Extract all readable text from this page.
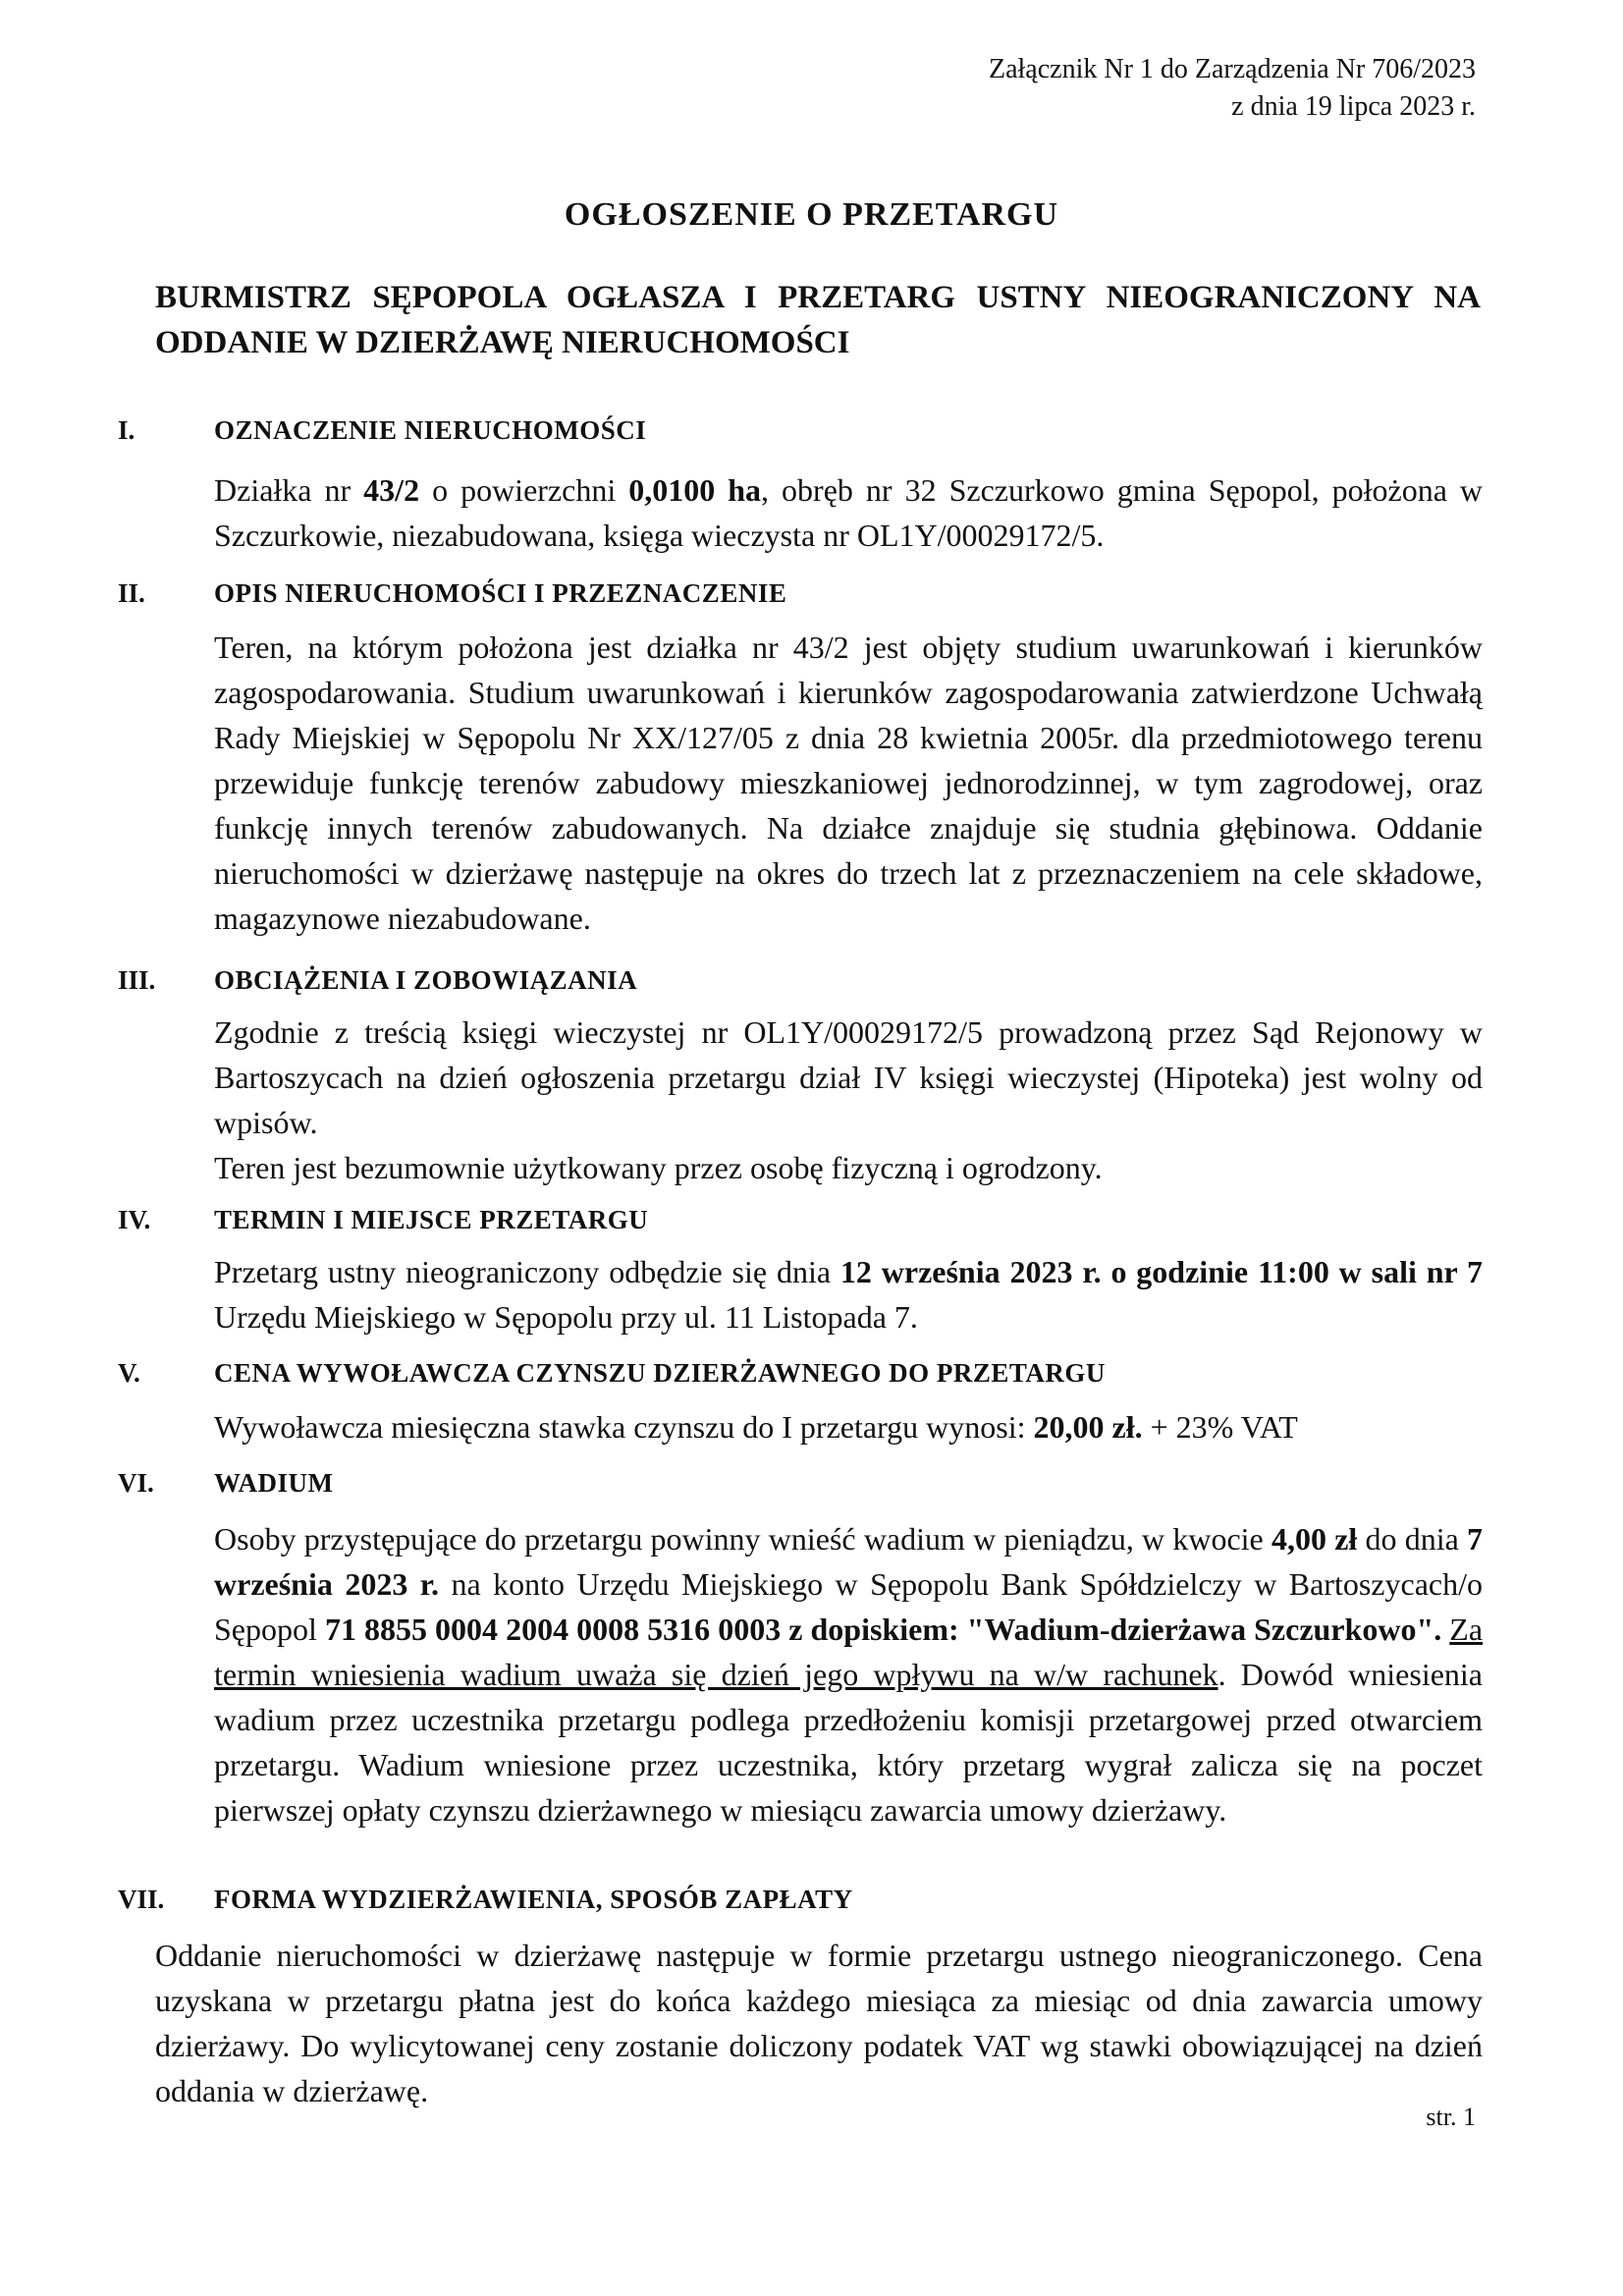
Załącznik Nr 1 do Zarządzenia Nr 706/2023
z dnia 19 lipca 2023 r.
OGŁOSZENIE O PRZETARGU
BURMISTRZ SĘPOPOLA OGŁASZA I PRZETARG USTNY NIEOGRANICZONY NA ODDANIE W DZIERŻAWĘ NIERUCHOMOŚCI
I.	OZNACZENIE NIERUCHOMOŚCI

Działka nr 43/2 o powierzchni 0,0100 ha, obręb nr 32 Szczurkowo gmina Sępopol, położona w Szczurkowie, niezabudowana, księga wieczysta nr OL1Y/00029172/5.

II.	OPIS NIERUCHOMOŚCI I PRZEZNACZENIE

Teren, na którym położona jest działka nr 43/2 jest objęty studium uwarunkowań i kierunków zagospodarowania. Studium uwarunkowań i kierunków zagospodarowania zatwierdzone Uchwałą Rady Miejskiej w Sępopolu Nr XX/127/05 z dnia 28 kwietnia 2005r. dla przedmiotowego terenu przewiduje funkcję terenów zabudowy mieszkaniowej jednorodzinnej, w tym zagrodowej, oraz funkcję innych terenów zabudowanych. Na działce znajduje się studnia głębinowa. Oddanie nieruchomości w dzierżawę następuje na okres do trzech lat z przeznaczeniem na cele składowe, magazynowe niezabudowane.

III.	OBCIĄŻENIA I ZOBOWIĄZANIA

Zgodnie z treścią księgi wieczystej nr OL1Y/00029172/5 prowadzoną przez Sąd Rejonowy w Bartoszycach na dzień ogłoszenia przetargu dział IV księgi wieczystej (Hipoteka) jest wolny od wpisów.

Teren jest bezumownie użytkowany przez osobę fizyczną i ogrodzony.

IV.	TERMIN I MIEJSCE PRZETARGU

Przetarg ustny nieograniczony odbędzie się dnia 12 września 2023 r. o godzinie 11:00 w sali nr 7 Urzędu Miejskiego w Sępopolu przy ul. 11 Listopada 7.

V.	CENA WYWOŁAWCZA CZYNSZU DZIERŻAWNEGO DO PRZETARGU

Wywoławcza miesięczna stawka czynszu do I przetargu wynosi: 20,00 zł. + 23% VAT

VI.	WADIUM

Osoby przystępujące do przetargu powinny wnieść wadium w pieniądzu, w kwocie 4,00 zł do dnia 7 września 2023 r. na konto Urzędu Miejskiego w Sępopolu Bank Spółdzielczy w Bartoszycach/o Sępopol 71 8855 0004 2004 0008 5316 0003 z dopiskiem: "Wadium-dzierżawa Szczurkowo". Za termin wniesienia wadium uważa się dzień jego wpływu na w/w rachunek. Dowód wniesienia wadium przez uczestnika przetargu podlega przedłożeniu komisji przetargowej przed otwarciem przetargu. Wadium wniesione przez uczestnika, który przetarg wygrał zalicza się na poczet pierwszej opłaty czynszu dzierżawnego w miesiącu zawarcia umowy dzierżawy.

VII.	FORMA WYDZIERŻAWIENIA, SPOSÓB ZAPŁATY

Oddanie nieruchomości w dzierżawę następuje w formie przetargu ustnego nieograniczonego. Cena uzyskana w przetargu płatna jest do końca każdego miesiąca za miesiąc od dnia zawarcia umowy dzierżawy. Do wylicytowanej ceny zostanie doliczony podatek VAT wg stawki obowiązującej na dzień oddania w dzierżawę.

str. 1
